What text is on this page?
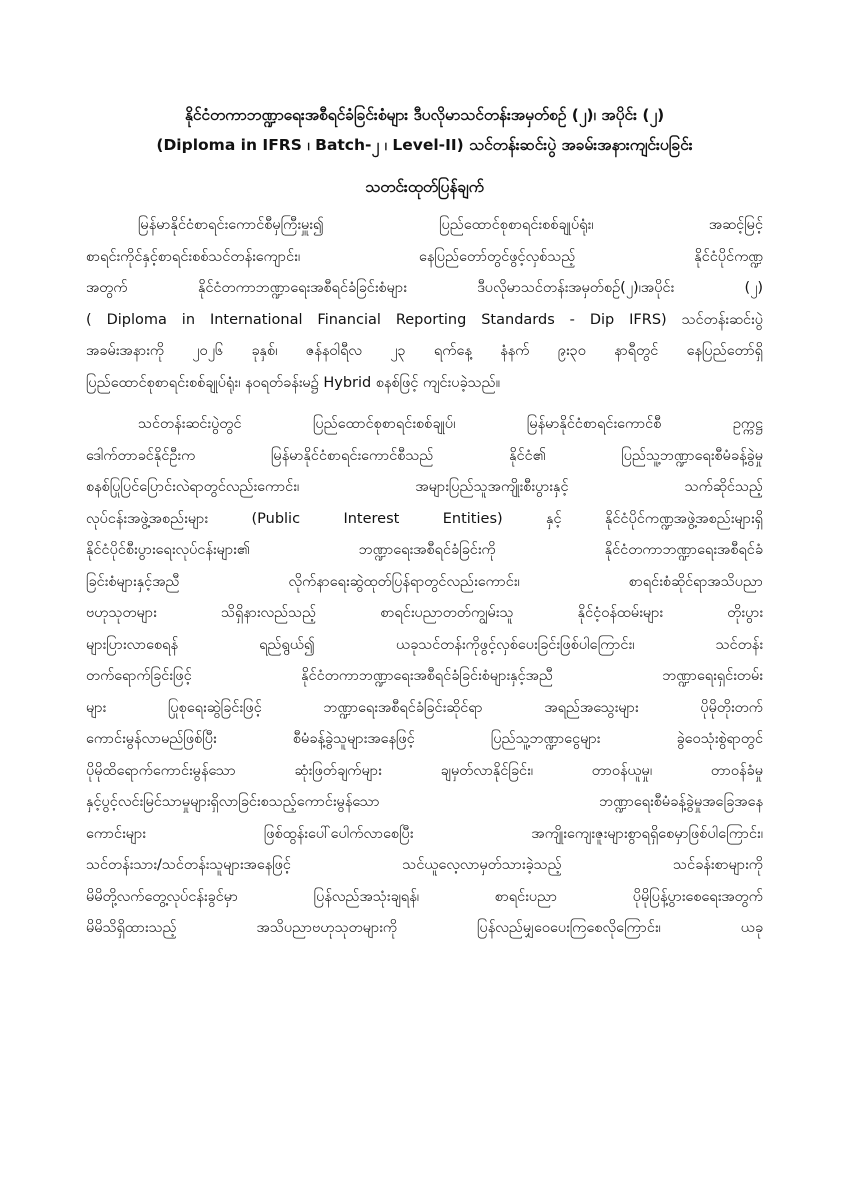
နိုင်ငံတကာဘဏ္ဍာရေးအစီရင်ခံခြင်းစံများ ဒီပလိုမာသင်တန်းအမှတ်စဉ် (၂)၊ အပိုင်း (၂)
(Diploma in IFRS ၊ Batch-၂ ၊ Level-II) သင်တန်းဆင်းပွဲ အခမ်းအနားကျင်းပခြင်း
သတင်းထုတ်ပြန်ချက်
မြန်မာနိုင်ငံစာရင်းကောင်စီမှကြီးမှူး၍ ပြည်ထောင်စုစာရင်းစစ်ချုပ်ရုံး၊ အဆင့်မြင့်
စာရင်းကိုင်နှင့်စာရင်းစစ်သင်တန်းကျောင်း၊ နေပြည်တော်တွင်ဖွင့်လှစ်သည့် နိုင်ငံပိုင်ကဏ္ဍ
အတွက် နိုင်ငံတကာဘဏ္ဍာရေးအစီရင်ခံခြင်းစံများ ဒီပလိုမာသင်တန်းအမှတ်စဉ်(၂)၊အပိုင်း (၂)
( Diploma in International Financial Reporting Standards - Dip IFRS) သင်တန်းဆင်းပွဲ
အခမ်းအနားကို ၂၀၂၆ ခုနှစ်၊ ဇန်နဝါရီလ ၂၃ ရက်နေ့ နံနက် ၉း၃၀ နာရီတွင် နေပြည်တော်ရှိ
ပြည်ထောင်စုစာရင်းစစ်ချုပ်ရုံး၊ နဝရတ်ခန်းမ၌ Hybrid စနစ်ဖြင့် ကျင်းပခဲ့သည်။
သင်တန်းဆင်းပွဲတွင် ပြည်ထောင်စုစာရင်းစစ်ချုပ်၊ မြန်မာနိုင်ငံစာရင်းကောင်စီ ဥက္ကဋ္ဌ
ဒေါက်တာခင်နိုင်ဦးက မြန်မာနိုင်ငံစာရင်းကောင်စီသည် နိုင်ငံ၏ ပြည်သူ့ဘဏ္ဍာရေးစီမံခန့်ခွဲမှု
စနစ်ပြုပြင်ပြောင်းလဲရာတွင်လည်းကောင်း၊ အများပြည်သူအကျိုးစီးပွားနှင့် သက်ဆိုင်သည့်
လုပ်ငန်းအဖွဲ့အစည်းများ (Public Interest Entities) နှင့် နိုင်ငံပိုင်ကဏ္ဍအဖွဲ့အစည်းများရှိ
နိုင်ငံပိုင်စီးပွားရေးလုပ်ငန်းများ၏ ဘဏ္ဍာရေးအစီရင်ခံခြင်းကို နိုင်ငံတကာဘဏ္ဍာရေးအစီရင်ခံ
ခြင်းစံများနှင့်အညီ လိုက်နာရေးဆွဲထုတ်ပြန်ရာတွင်လည်းကောင်း၊ စာရင်းစံဆိုင်ရာအသိပညာ
ဗဟုသုတများ သိရှိနားလည်သည့် စာရင်းပညာတတ်ကျွမ်းသူ နိုင်ငံ့ဝန်ထမ်းများ တိုးပွား
များပြားလာစေရန် ရည်ရွယ်၍ ယခုသင်တန်းကိုဖွင့်လှစ်ပေးခြင်းဖြစ်ပါကြောင်း၊ သင်တန်း
တက်ရောက်ခြင်းဖြင့် နိုင်ငံတကာဘဏ္ဍာရေးအစီရင်ခံခြင်းစံများနှင့်အညီ ဘဏ္ဍာရေးရှင်းတမ်း
များ ပြုစုရေးဆွဲခြင်းဖြင့် ဘဏ္ဍာရေးအစီရင်ခံခြင်းဆိုင်ရာ အရည်အသွေးများ ပိုမိုတိုးတက်
ကောင်းမွန်လာမည်ဖြစ်ပြီး စီမံခန့်ခွဲသူများအနေဖြင့် ပြည်သူ့ဘဏ္ဍာငွေများ ခွဲဝေသုံးစွဲရာတွင်
ပိုမိုထိရောက်ကောင်းမွန်သော ဆုံးဖြတ်ချက်များ ချမှတ်လာနိုင်ခြင်း၊ တာဝန်ယူမှု၊ တာဝန်ခံမှု
နှင့်ပွင့်လင်းမြင်သာမှုများရှိလာခြင်းစသည့်ကောင်းမွန်သော ဘဏ္ဍာရေးစီမံခန့်ခွဲမှုအခြေအနေ
ကောင်းများ ဖြစ်ထွန်းပေါ်ပေါက်လာစေပြီး အကျိုးကျေးဇူးများစွာရရှိစေမှာဖြစ်ပါကြောင်း၊
သင်တန်းသား/သင်တန်းသူများအနေဖြင့် သင်ယူလေ့လာမှတ်သားခဲ့သည့် သင်ခန်းစာများကို
မိမိတို့လက်တွေ့လုပ်ငန်းခွင်မှာ ပြန်လည်အသုံးချရန်၊ စာရင်းပညာ ပိုမိုပြန့်ပွားစေရေးအတွက်
မိမိသိရှိထားသည့် အသိပညာဗဟုသုတများကို ပြန်လည်မျှဝေပေးကြစေလိုကြောင်း၊ ယခု
